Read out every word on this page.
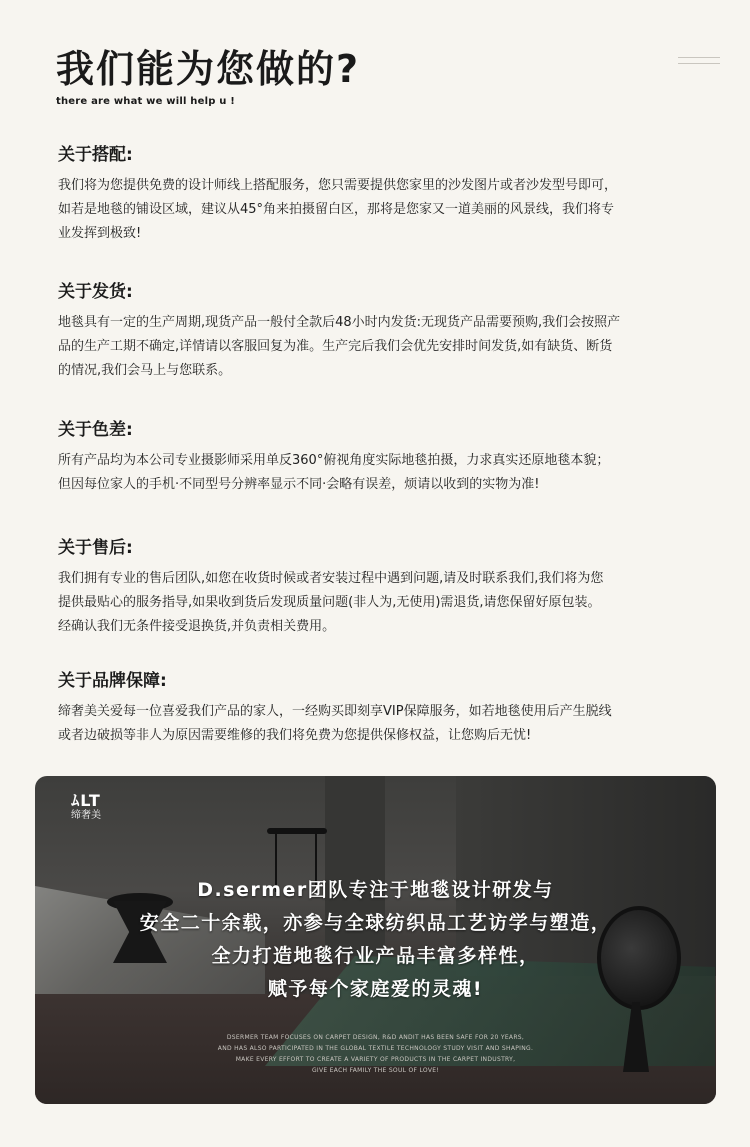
我们能为您做的?
there are what we will help u !
关于搭配:

我们将为您提供免费的设计师线上搭配服务，您只需要提供您家里的沙发图片或者沙发型号即可，
如若是地毯的铺设区域，建议从45°角来拍摄留白区，那将是您家又一道美丽的风景线，我们将专
业发挥到极致!

关于发货:

地毯具有一定的生产周期,现货产品一般付全款后48小时内发货:无现货产品需要预购,我们会按照产
品的生产工期不确定,详情请以客服回复为准。生产完后我们会优先安排时间发货,如有缺货、断货
的情况,我们会马上与您联系。

关于色差:

所有产品均为本公司专业摄影师采用单反360°俯视角度实际地毯拍摄，力求真实还原地毯本貌；
但因每位家人的手机·不同型号分辨率显示不同·会略有误差，烦请以收到的实物为准!

关于售后:

我们拥有专业的售后团队,如您在收货时候或者安装过程中遇到问题,请及时联系我们,我们将为您
提供最贴心的服务指导,如果收到货后发现质量问题(非人为,无使用)需退货,请您保留好原包装。
经确认我们无条件接受退换货,并负责相关费用。

关于品牌保障:

缔奢美关爱每一位喜爱我们产品的家人，一经购买即刻享VIP保障服务，如若地毯使用后产生脱线
或者边破损等非人为原因需要维修的我们将免费为您提供保修权益，让您购后无忧!

ﾑLT
缔奢美
D.sermer团队专注于地毯设计研发与
安全二十余载，亦参与全球纺织品工艺访学与塑造，
全力打造地毯行业产品丰富多样性，
赋予每个家庭爱的灵魂!
DSERMER TEAM FOCUSES ON CARPET DESIGN, R&D ANDIT HAS BEEN SAFE FOR 20 YEARS,
AND HAS ALSO PARTICIPATED IN THE GLOBAL TEXTILE TECHNOLOGY STUDY VISIT AND SHAPING.
MAKE EVERY EFFORT TO CREATE A VARIETY OF PRODUCTS IN THE CARPET INDUSTRY,
GIVE EACH FAMILY THE SOUL OF LOVE!
